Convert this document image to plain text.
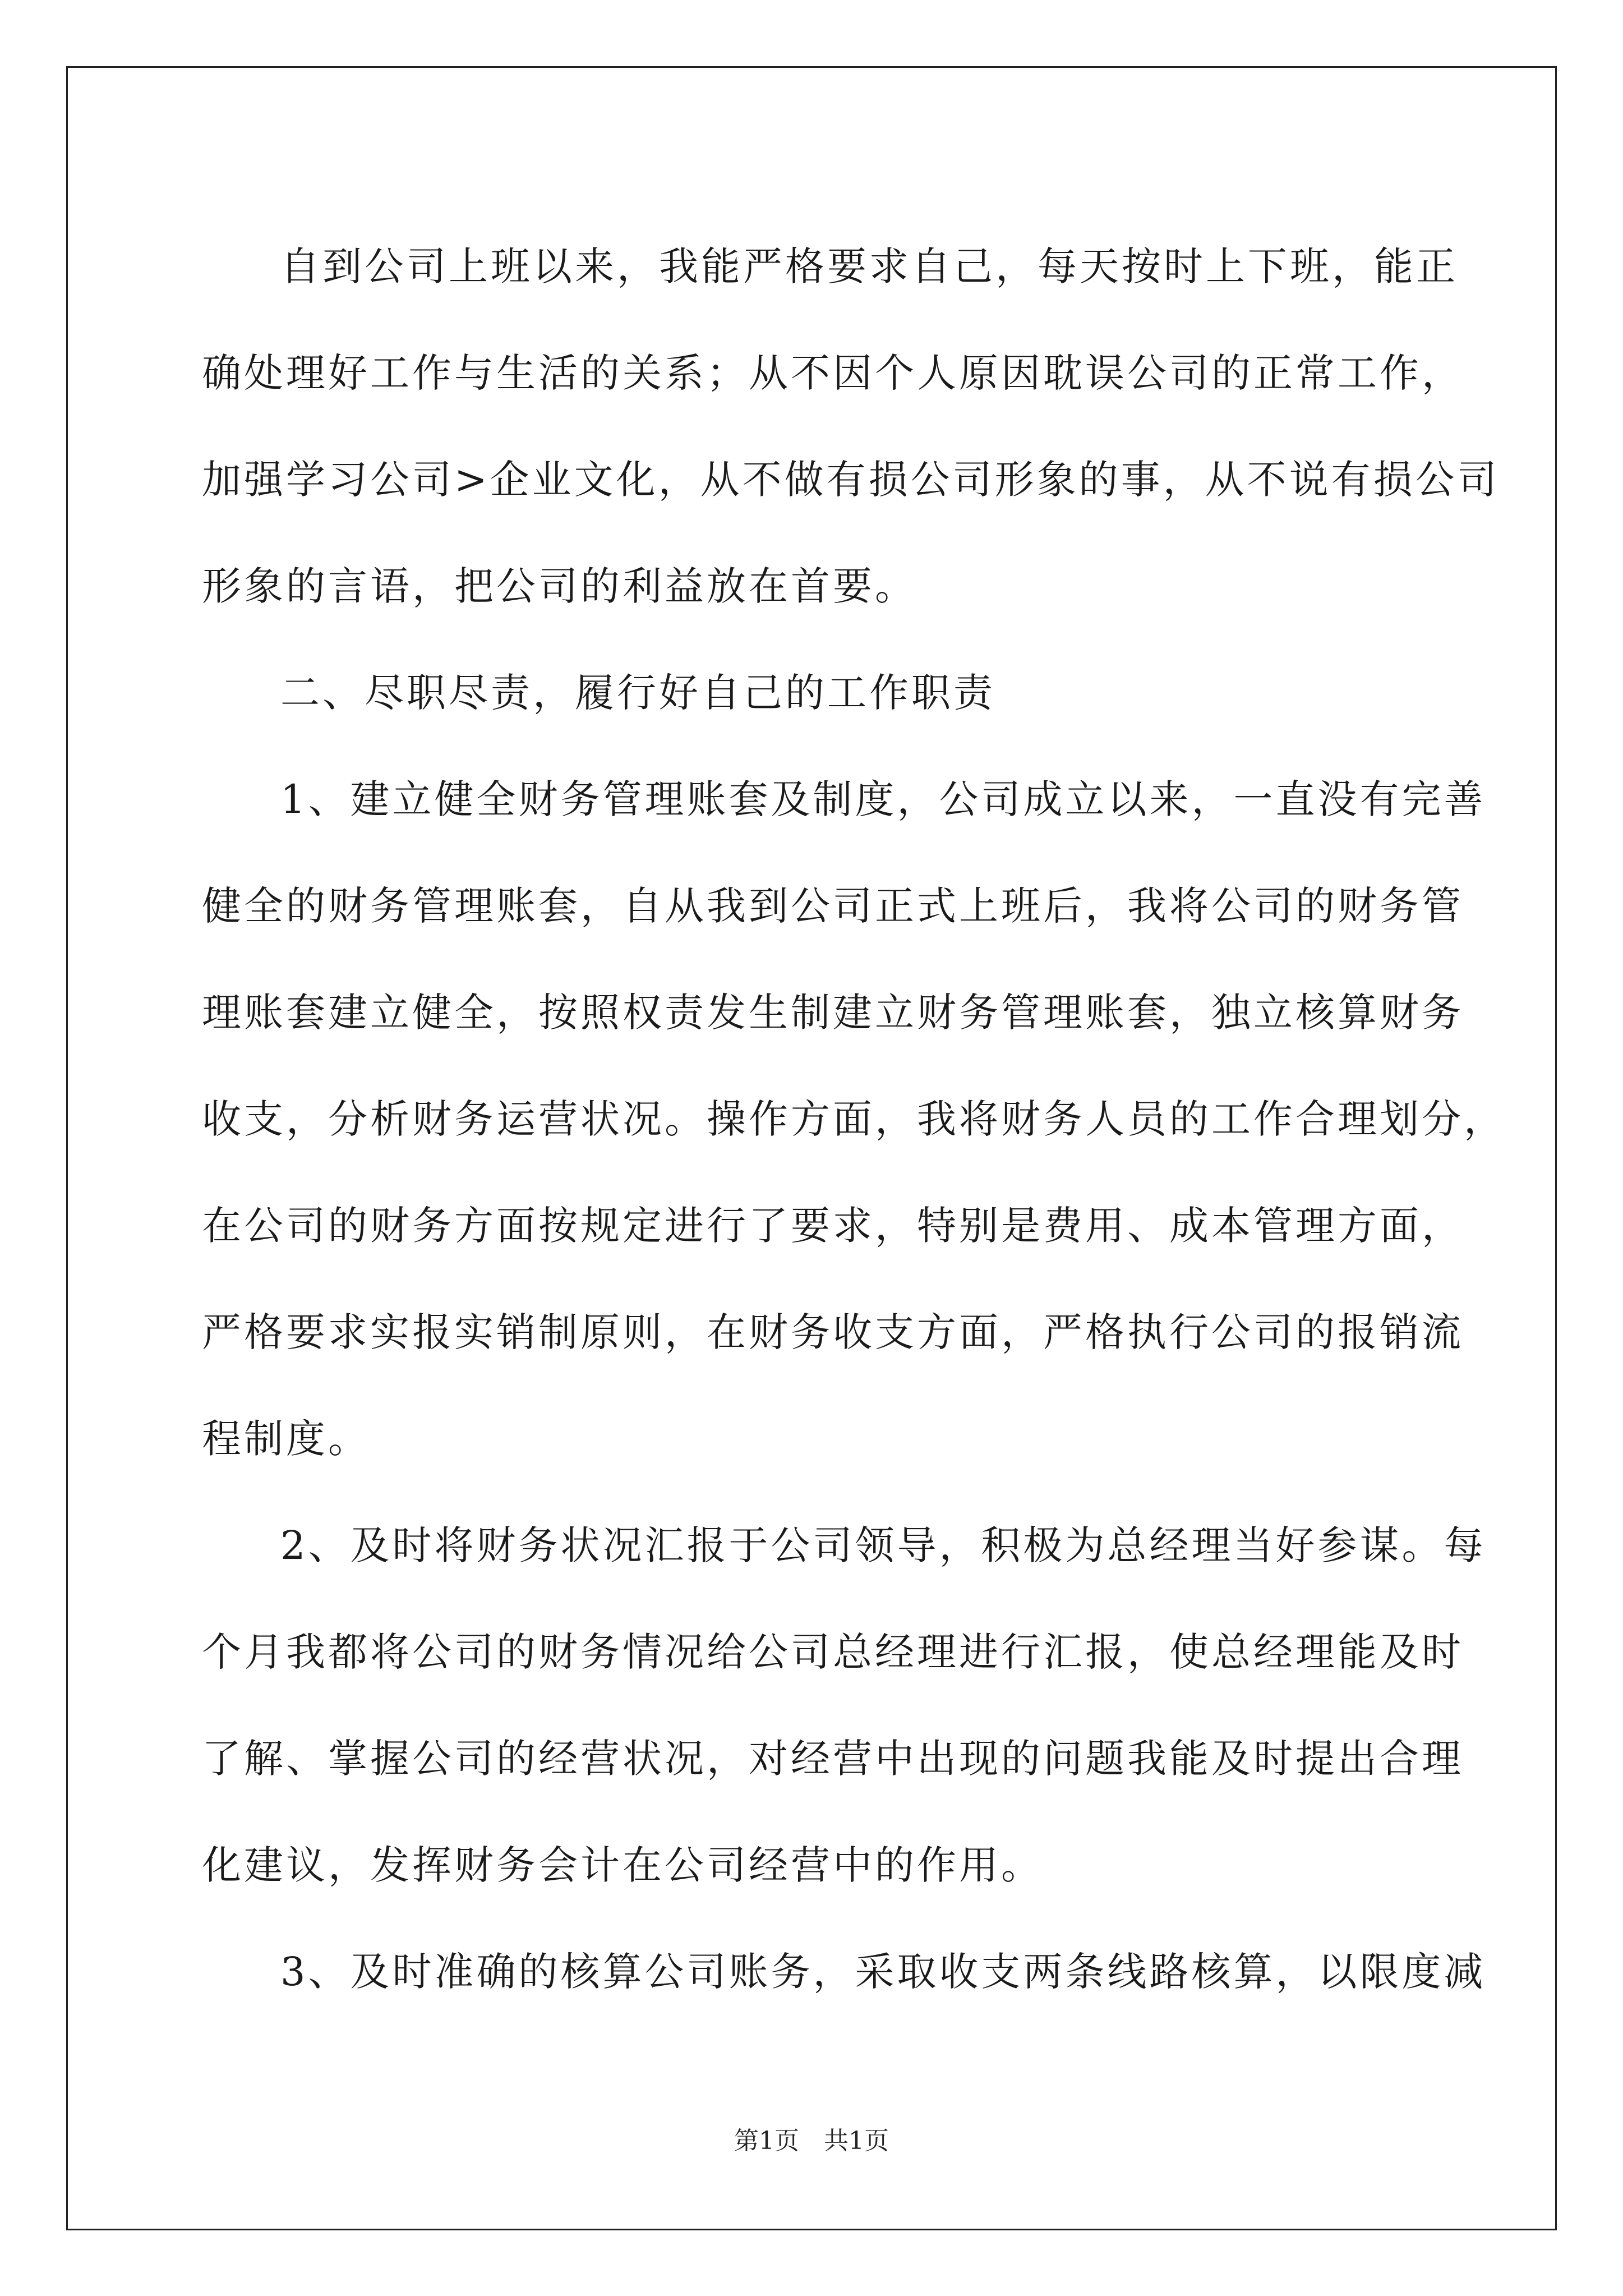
自到公司上班以来，我能严格要求自己，每天按时上下班，能正
确处理好工作与生活的关系；从不因个人原因耽误公司的正常工作，
加强学习公司>企业文化，从不做有损公司形象的事，从不说有损公司
形象的言语，把公司的利益放在首要。
二、尽职尽责，履行好自己的工作职责
1、建立健全财务管理账套及制度，公司成立以来，一直没有完善
健全的财务管理账套，自从我到公司正式上班后，我将公司的财务管
理账套建立健全，按照权责发生制建立财务管理账套，独立核算财务
收支，分析财务运营状况。操作方面，我将财务人员的工作合理划分，
在公司的财务方面按规定进行了要求，特别是费用、成本管理方面，
严格要求实报实销制原则，在财务收支方面，严格执行公司的报销流
程制度。
2、及时将财务状况汇报于公司领导，积极为总经理当好参谋。每
个月我都将公司的财务情况给公司总经理进行汇报，使总经理能及时
了解、掌握公司的经营状况，对经营中出现的问题我能及时提出合理
化建议，发挥财务会计在公司经营中的作用。
3、及时准确的核算公司账务，采取收支两条线路核算，以限度减
第1页　共1页
